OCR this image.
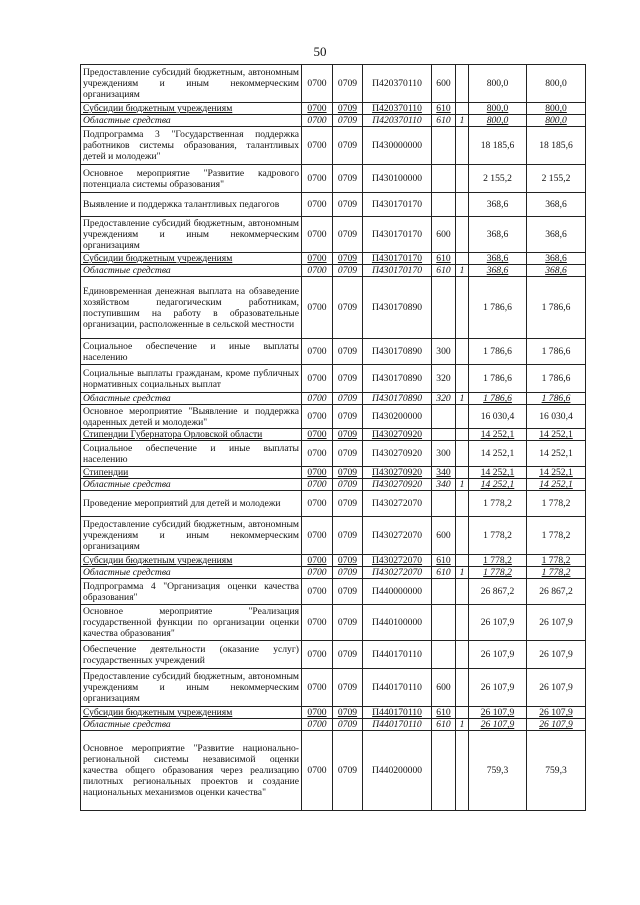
50
Предоставление субсидий бюджетным, автономным учреждениям и иным некоммерческим организациям	0700	0709	П420370110	600		800,0	800,0
Субсидии бюджетным учреждениям	0700	0709	П420370110	610		800,0	800,0
Областные средства	0700	0709	П420370110	610	1	800,0	800,0
Подпрограмма 3 "Государственная поддержка работников системы образования, талантливых детей и молодежи"	0700	0709	П430000000			18 185,6	18 185,6
Основное мероприятие "Развитие кадрового потенциала системы образования"	0700	0709	П430100000			2 155,2	2 155,2
Выявление и поддержка талантливых педагогов	0700	0709	П430170170			368,6	368,6
Предоставление субсидий бюджетным, автономным учреждениям и иным некоммерческим организациям	0700	0709	П430170170	600		368,6	368,6
Субсидии бюджетным учреждениям	0700	0709	П430170170	610		368,6	368,6
Областные средства	0700	0709	П430170170	610	1	368,6	368,6
Единовременная денежная выплата на обзаведение хозяйством педагогическим работникам, поступившим на работу в образовательные организации, расположенные в сельской местности	0700	0709	П430170890			1 786,6	1 786,6
Социальное обеспечение и иные выплаты населению	0700	0709	П430170890	300		1 786,6	1 786,6
Социальные выплаты гражданам, кроме публичных нормативных социальных выплат	0700	0709	П430170890	320		1 786,6	1 786,6
Областные средства	0700	0709	П430170890	320	1	1 786,6	1 786,6
Основное мероприятие "Выявление и поддержка одаренных детей и молодежи"	0700	0709	П430200000			16 030,4	16 030,4
Стипендии Губернатора Орловской области	0700	0709	П430270920			14 252,1	14 252,1
Социальное обеспечение и иные выплаты населению	0700	0709	П430270920	300		14 252,1	14 252,1
Стипендии	0700	0709	П430270920	340		14 252,1	14 252,1
Областные средства	0700	0709	П430270920	340	1	14 252,1	14 252,1
Проведение мероприятий для детей и молодежи	0700	0709	П430272070			1 778,2	1 778,2
Предоставление субсидий бюджетным, автономным учреждениям и иным некоммерческим организациям	0700	0709	П430272070	600		1 778,2	1 778,2
Субсидии бюджетным учреждениям	0700	0709	П430272070	610		1 778,2	1 778,2
Областные средства	0700	0709	П430272070	610	1	1 778,2	1 778,2
Подпрограмма 4 "Организация оценки качества образования"	0700	0709	П440000000			26 867,2	26 867,2
Основное мероприятие "Реализация государственной функции по организации оценки качества образования"	0700	0709	П440100000			26 107,9	26 107,9
Обеспечение деятельности (оказание услуг) государственных учреждений	0700	0709	П440170110			26 107,9	26 107,9
Предоставление субсидий бюджетным, автономным учреждениям и иным некоммерческим организациям	0700	0709	П440170110	600		26 107,9	26 107,9
Субсидии бюджетным учреждениям	0700	0709	П440170110	610		26 107,9	26 107,9
Областные средства	0700	0709	П440170110	610	1	26 107,9	26 107,9
Основное мероприятие "Развитие национально-региональной системы независимой оценки качества общего образования через реализацию пилотных региональных проектов и создание национальных механизмов оценки качества"	0700	0709	П440200000			759,3	759,3
